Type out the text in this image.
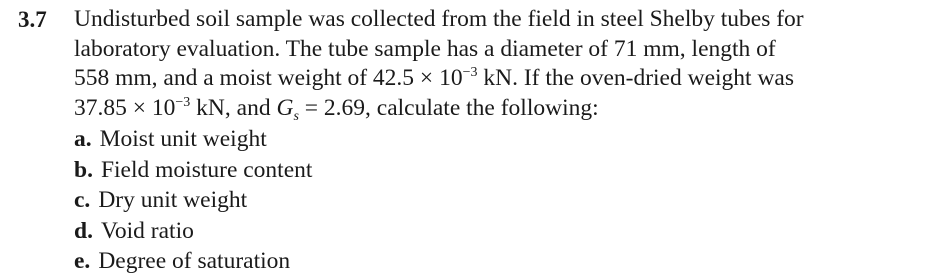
3.7 Undisturbed soil sample was collected from the field in steel Shelby tubes for
laboratory evaluation. The tube sample has a diameter of 71 mm, length of
558 mm, and a moist weight of $42.5 \times 10^{-3}$ kN. If the oven-dried weight was
$37.85 \times 10^{-3}$ kN, and $G_s = 2.69$, calculate the following:
a. Moist unit weight
b. Field moisture content
c. Dry unit weight
d. Void ratio
e. Degree of saturation
